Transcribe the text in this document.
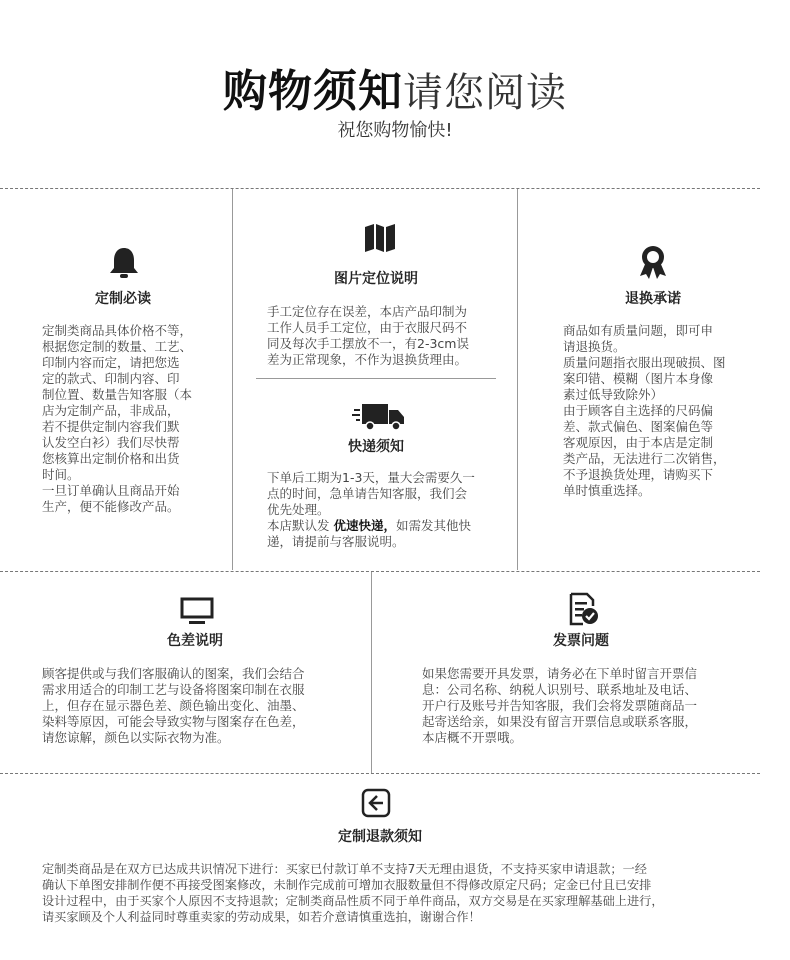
购物须知请您阅读
祝您购物愉快!
定制必读
定制类商品具体价格不等，
根据您定制的数量、工艺、
印制内容而定，请把您选
定的款式、印制内容、印
制位置、数量告知客服（本
店为定制产品，非成品，
若不提供定制内容我们默
认发空白衫）我们尽快帮
您核算出定制价格和出货
时间。
一旦订单确认且商品开始
生产，便不能修改产品。
图片定位说明
手工定位存在误差，本店产品印制为
工作人员手工定位，由于衣服尺码不
同及每次手工摆放不一，有2-3cm误
差为正常现象，不作为退换货理由。
快递须知
下单后工期为1-3天，量大会需要久一
点的时间，急单请告知客服，我们会
优先处理。
本店默认发 优速快递，如需发其他快
递，请提前与客服说明。
退换承诺
商品如有质量问题，即可申
请退换货。
质量问题指衣服出现破损、图
案印错、模糊（图片本身像
素过低导致除外）
由于顾客自主选择的尺码偏
差、款式偏色、图案偏色等
客观原因，由于本店是定制
类产品，无法进行二次销售，
不予退换货处理，请购买下
单时慎重选择。
色差说明
顾客提供或与我们客服确认的图案，我们会结合
需求用适合的印制工艺与设备将图案印制在衣服
上，但存在显示器色差、颜色输出变化、油墨、
染料等原因，可能会导致实物与图案存在色差，
请您谅解，颜色以实际衣物为准。
发票问题
如果您需要开具发票，请务必在下单时留言开票信
息：公司名称、纳税人识别号、联系地址及电话、
开户行及账号并告知客服，我们会将发票随商品一
起寄送给亲，如果没有留言开票信息或联系客服，
本店概不开票哦。
定制退款须知
定制类商品是在双方已达成共识情况下进行：买家已付款订单不支持7天无理由退货，不支持买家申请退款；一经
确认下单图安排制作便不再接受图案修改，未制作完成前可增加衣服数量但不得修改原定尺码；定金已付且已安排
设计过程中，由于买家个人原因不支持退款；定制类商品性质不同于单件商品，双方交易是在买家理解基础上进行，
请买家顾及个人利益同时尊重卖家的劳动成果，如若介意请慎重选拍，谢谢合作！
